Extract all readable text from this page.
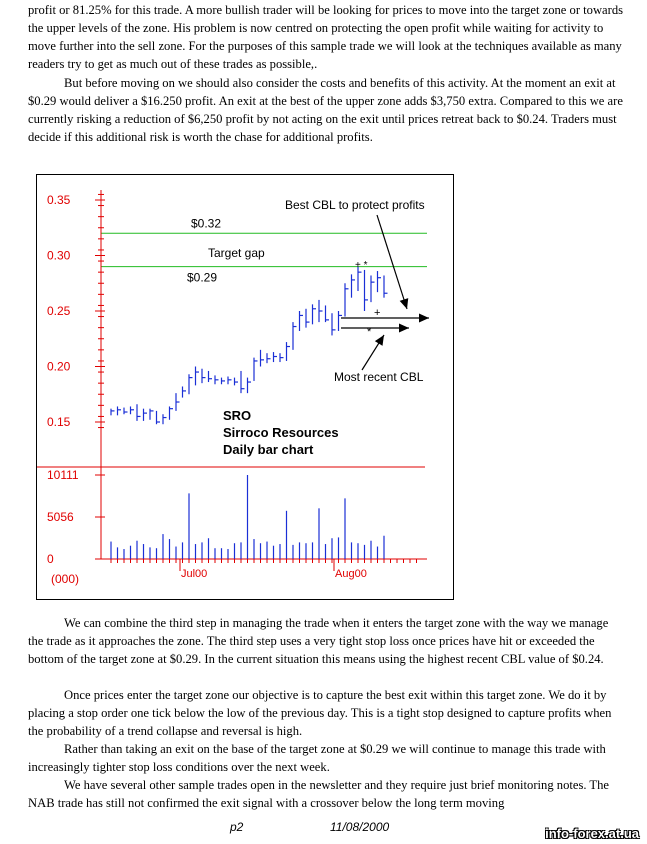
profit or 81.25% for this trade. A more bullish trader will be looking for prices to move into the target zone or towards the upper levels of the zone. His problem is now centred on protecting the open profit while waiting for activity to move further into the sell zone. For the purposes of this sample trade we will look at the techniques available as many readers try to get as much out of these trades as possible,.

But before moving on we should also consider the costs and benefits of this activity. At the moment an exit at $0.29 would deliver a $16.250 profit. An exit at the best of the upper zone adds $3,750 extra. Compared to this we are currently risking a reduction of $6,250 profit by not acting on the exit until prices retreat back to $0.24. Traders must decide if this additional risk is worth the chase for additional profits.

0.35
0.30
0.25
0.20
0.15
10111
5056
0
(000)	Jul00	Aug00
$0.32
Target gap
$0.29
Best CBL to protect profits
Most recent CBL
+ *
+
*
SRO
Sirroco Resources
Daily bar chart

We can combine the third step in managing the trade when it enters the target zone with the way we manage the trade as it approaches the zone. The third step uses a very tight stop loss once prices have hit or exceeded the bottom of the target zone at $0.29. In the current situation this means using the highest recent CBL value of $0.24.

Once prices enter the target zone our objective is to capture the best exit within this target zone. We do it by placing a stop order one tick below the low of the previous day. This is a tight stop designed to capture profits when the probability of a trend collapse and reversal is high.

Rather than taking an exit on the base of the target zone at $0.29 we will continue to manage this trade with increasingly tighter stop loss conditions over the next week.

We have several other sample trades open in the newsletter and they require just brief monitoring notes. The NAB trade has still not confirmed the exit signal with a crossover below the long term moving

p2	11/08/2000	info-forex.at.ua
